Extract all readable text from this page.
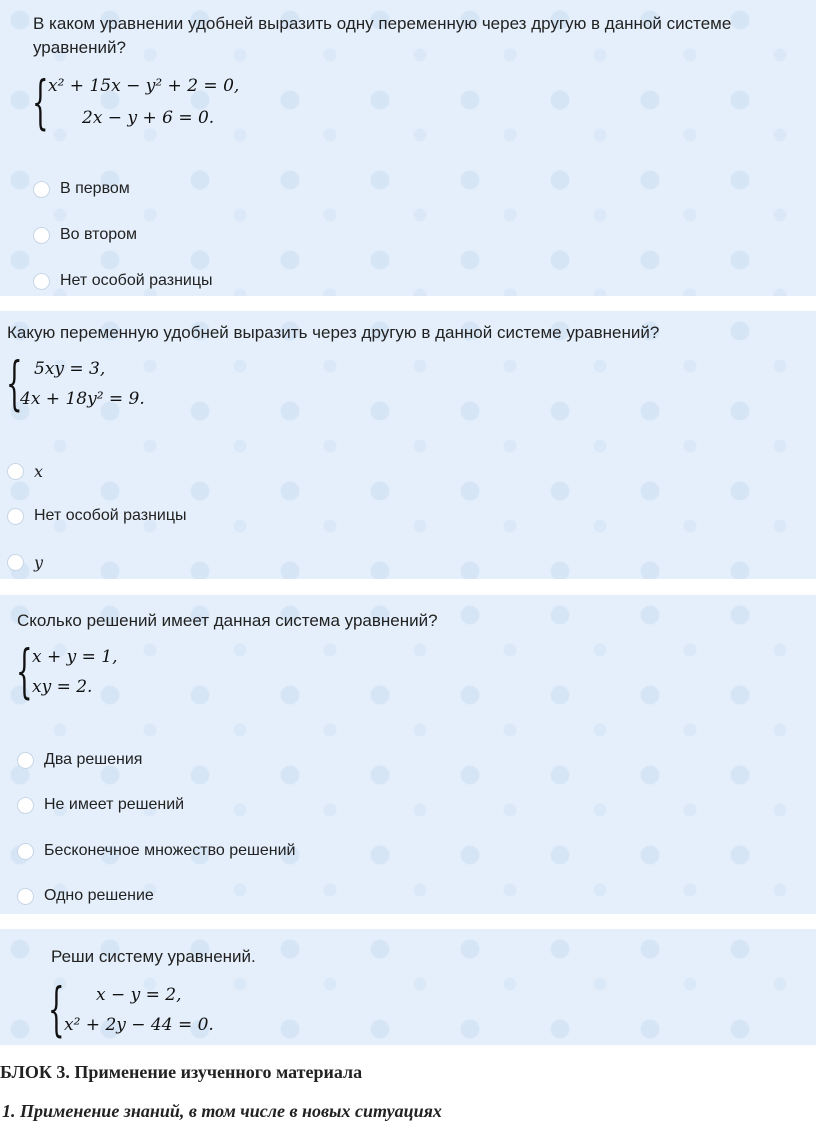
В каком уравнении удобней выразить одну переменную через другую в данной системе уравнений?
{ x² + 15x − y² + 2 = 0,
2x − y + 6 = 0.
В первом
Во втором
Нет особой разницы
Какую переменную удобней выразить через другую в данной системе уравнений?
{ 5xy = 3,
4x + 18y² = 9.
x
Нет особой разницы
y
Сколько решений имеет данная система уравнений?
{ x + y = 1,
xy = 2.
Два решения
Не имеет решений
Бесконечное множество решений
Одно решение
Реши систему уравнений.
{ x − y = 2,
x² + 2y − 44 = 0.
БЛОК 3. Применение изученного материала
1. Применение знаний, в том числе в новых ситуациях
